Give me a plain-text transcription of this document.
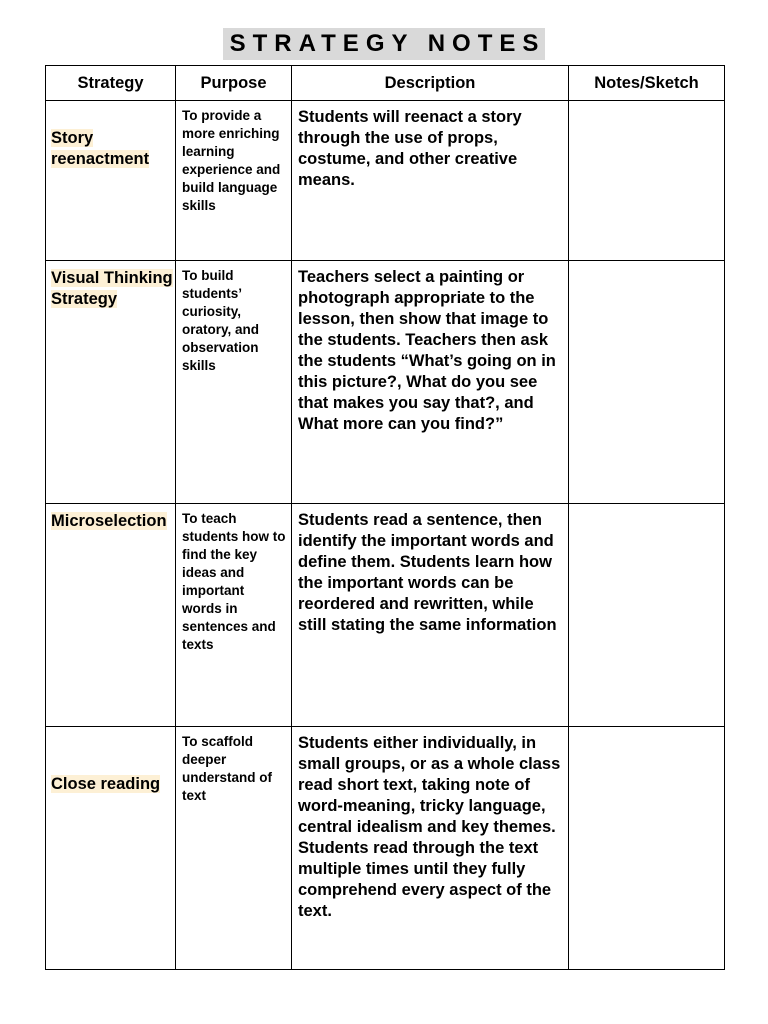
STRATEGY NOTES
Strategy	Purpose	Description	Notes/Sketch
Story reenactment	To provide a more enriching learning experience and build language skills	Students will reenact a story through the use of props, costume, and other creative means.	
Visual Thinking Strategy	To build students’ curiosity, oratory, and observation skills	Teachers select a painting or photograph appropriate to the lesson, then show that image to the students. Teachers then ask the students “What’s going on in this picture?, What do you see that makes you say that?, and What more can you find?”	
Microselection	To teach students how to find the key ideas and important words in sentences and texts	Students read a sentence, then identify the important words and define them. Students learn how the important words can be reordered and rewritten, while still stating the same information	
Close reading	To scaffold deeper understand of text	Students either individually, in small groups, or as a whole class read short text, taking note of word-meaning, tricky language, central idealism and key themes. Students read through the text multiple times until they fully comprehend every aspect of the text.	
